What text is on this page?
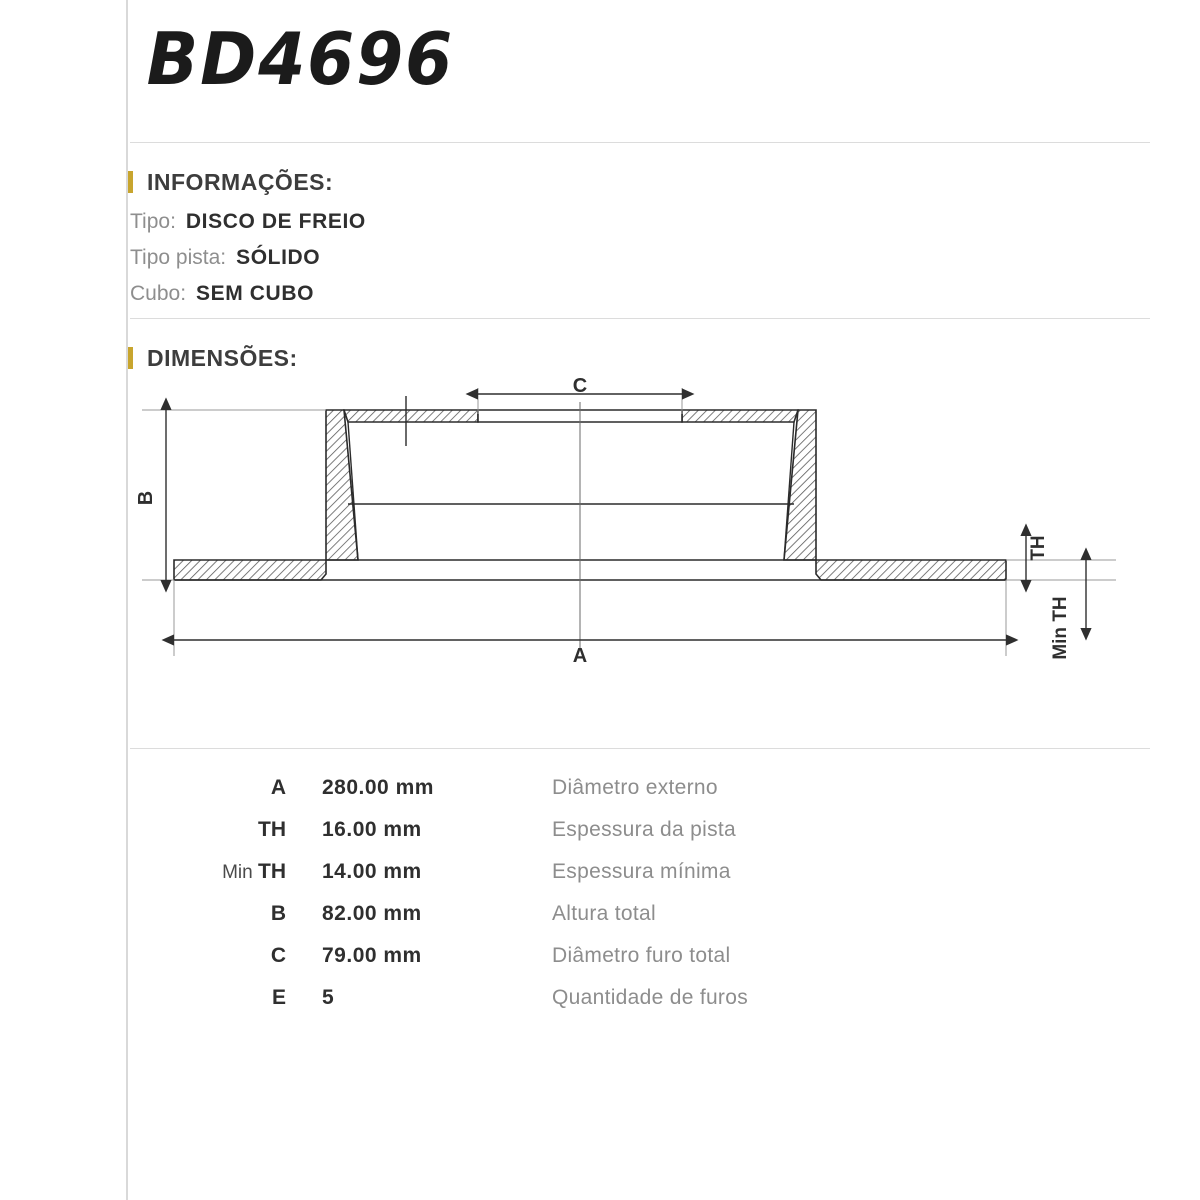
BD4696
INFORMAÇÕES:
Tipo: DISCO DE FREIO
Tipo pista: SÓLIDO
Cubo: SEM CUBO
DIMENSÕES:
B
C
A
TH
Min TH
A	280.00 mm	Diâmetro externo
TH	16.00 mm	Espessura da pista
Min TH	14.00 mm	Espessura mínima
B	82.00 mm	Altura total
C	79.00 mm	Diâmetro furo total
E	5	Quantidade de furos
